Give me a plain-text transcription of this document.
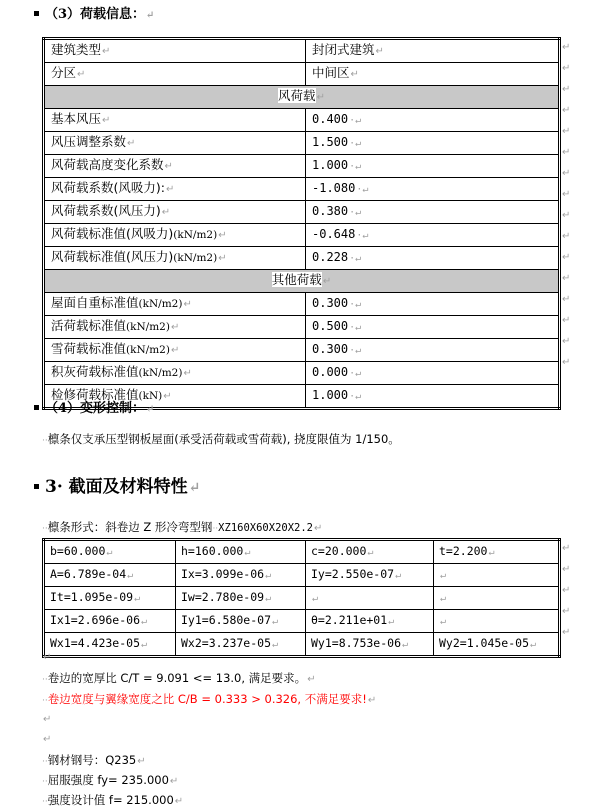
（3）荷载信息：↵
建筑类型↵	封闭式建筑↵
分区↵	中间区↵
风荷载↵	
基本风压↵	0.400·↵
风压调整系数↵	1.500·↵
风荷载高度变化系数↵	1.000·↵
风荷载系数(风吸力):↵	-1.080·↵
风荷载系数(风压力)↵	0.380·↵
风荷载标准值(风吸力)(kN/m2)↵	-0.648·↵
风荷载标准值(风压力)(kN/m2)↵	0.228·↵
其他荷载↵	
屋面自重标准值(kN/m2)↵	0.300·↵
活荷载标准值(kN/m2)↵	0.500·↵
雪荷载标准值(kN/m2)↵	0.300·↵
积灰荷载标准值(kN/m2)↵	0.000·↵
检修荷载标准值(kN)↵	1.000·↵
↵
↵
↵
↵
↵
↵
↵
↵
↵
↵
↵
↵
↵
↵
↵
↵
（4）变形控制：↵
··檩条仅支承压型钢板屋面(承受活荷载或雪荷载), 挠度限值为 1/150。
3· 截面及材料特性↵
··檩条形式：斜卷边 Z 形冷弯型钢··XZ160X60X20X2.2↵
b=60.000↵	h=160.000↵	c=20.000↵	t=2.200↵
A=6.789e-04↵	Ix=3.099e-06↵	Iy=2.550e-07↵	↵
It=1.095e-09↵	Iw=2.780e-09↵	↵	↵
Ix1=2.696e-06↵	Iy1=6.580e-07↵	θ=2.211e+01↵	↵
Wx1=4.423e-05↵	Wx2=3.237e-05↵	Wy1=8.753e-06↵	Wy2=1.045e-05↵
↵
↵
↵
↵
↵
↵
··卷边的宽厚比 C/T = 9.091 <= 13.0, 满足要求。↵
··卷边宽度与翼缘宽度之比 C/B = 0.333 > 0.326, 不满足要求!↵
↵
↵
··钢材钢号：Q235↵
··屈服强度 fy= 235.000↵
··强度设计值 f= 215.000↵
